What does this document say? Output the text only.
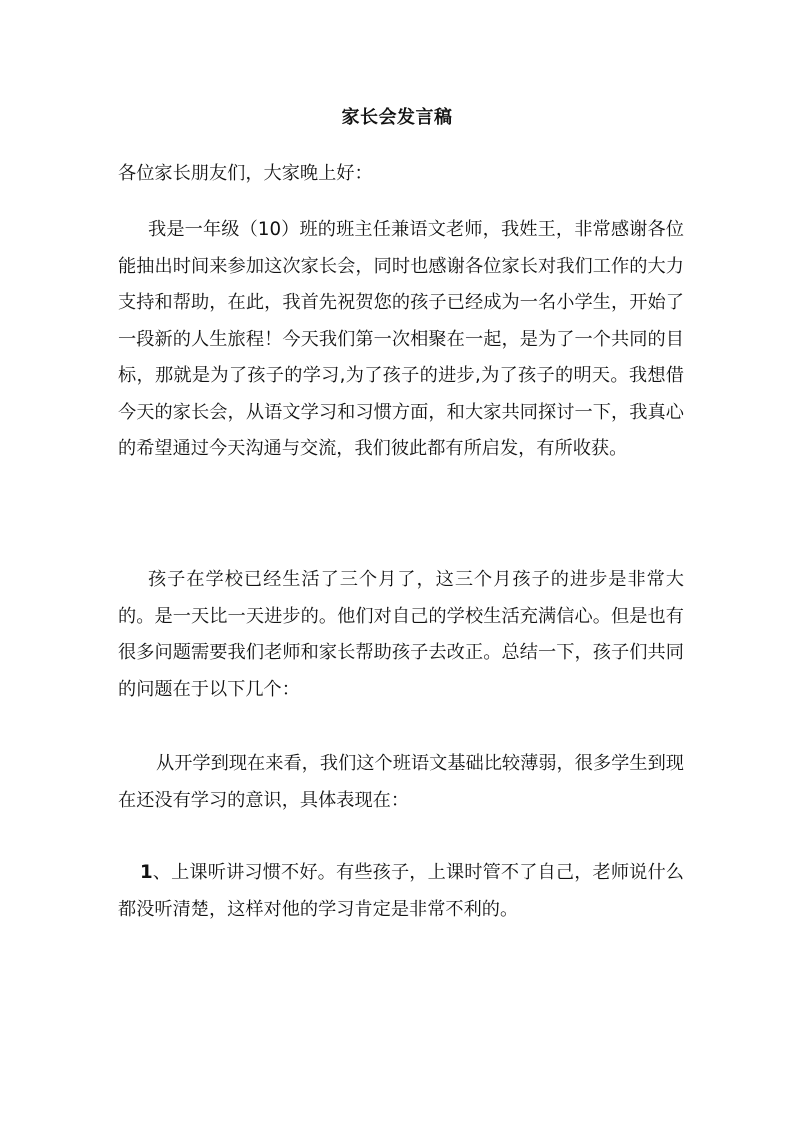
家长会发言稿

各位家长朋友们，大家晚上好：

我是一年级（10）班的班主任兼语文老师，我姓王，非常感谢各位能抽出时间来参加这次家长会，同时也感谢各位家长对我们工作的大力支持和帮助，在此，我首先祝贺您的孩子已经成为一名小学生，开始了一段新的人生旅程！今天我们第一次相聚在一起，是为了一个共同的目标，那就是为了孩子的学习,为了孩子的进步,为了孩子的明天。我想借今天的家长会，从语文学习和习惯方面，和大家共同探讨一下，我真心的希望通过今天沟通与交流，我们彼此都有所启发，有所收获。

孩子在学校已经生活了三个月了，这三个月孩子的进步是非常大的。是一天比一天进步的。他们对自己的学校生活充满信心。但是也有很多问题需要我们老师和家长帮助孩子去改正。总结一下，孩子们共同的问题在于以下几个：

从开学到现在来看，我们这个班语文基础比较薄弱，很多学生到现在还没有学习的意识，具体表现在：

1、上课听讲习惯不好。有些孩子，上课时管不了自己，老师说什么都没听清楚，这样对他的学习肯定是非常不利的。
